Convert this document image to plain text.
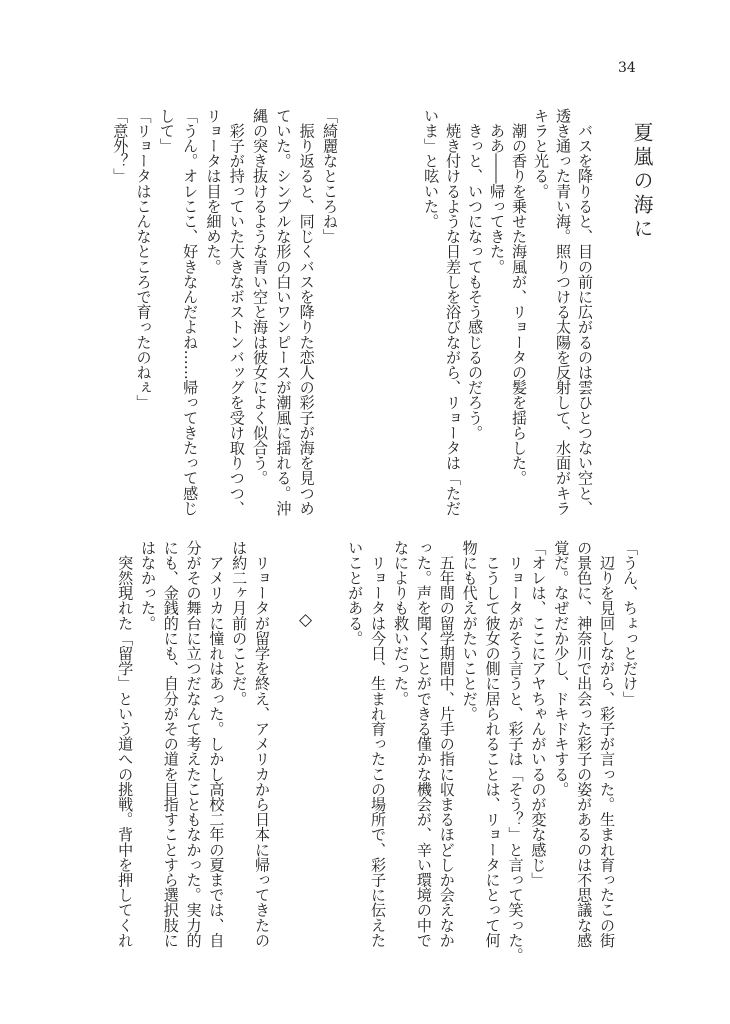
34
夏嵐の海に
◇
　バスを降りると、目の前に広がるのは雲ひとつない空と、
透き通った青い海。照りつける太陽を反射して、水面がキラ
キラと光る。
　潮の香りを乗せた海風が、リョータの髪を揺らした。
　ああ――帰ってきた。
　きっと、いつになってもそう感じるのだろう。
　焼き付けるような日差しを浴びながら、リョータは「ただ
いま」と呟いた。
「綺麗なところね」
　振り返ると、同じくバスを降りた恋人の彩子が海を見つめ
ていた。シンプルな形の白いワンピースが潮風に揺れる。沖
縄の突き抜けるような青い空と海は彼女によく似合う。
　彩子が持っていた大きなボストンバッグを受け取りつつ、
リョータは目を細めた。
「うん。オレここ、好きなんだよね……帰ってきたって感じ
して」
「リョータはこんなところで育ったのねぇ」
「意外？」
「うん、ちょっとだけ」
　辺りを見回しながら、彩子が言った。生まれ育ったこの街
の景色に、神奈川で出会った彩子の姿があるのは不思議な感
覚だ。なぜだか少し、ドキドキする。
「オレは、ここにアヤちゃんがいるのが変な感じ」
　リョータがそう言うと、彩子は「そう？」と言って笑った。
　こうして彼女の側に居られることは、リョータにとって何
物にも代えがたいことだ。
　五年間の留学期間中、片手の指に収まるほどしか会えなか
った。声を聞くことができる僅かな機会が、辛い環境の中で
なによりも救いだった。
　リョータは今日、生まれ育ったこの場所で、彩子に伝えた
いことがある。
　リョータが留学を終え、アメリカから日本に帰ってきたの
は約二ヶ月前のことだ。
　アメリカに憧れはあった。しかし高校二年の夏までは、自
分がその舞台に立つだなんて考えたこともなかった。実力的
にも、金銭的にも、自分がその道を目指すことすら選択肢に
はなかった。
　突然現れた「留学」という道への挑戦。背中を押してくれ
